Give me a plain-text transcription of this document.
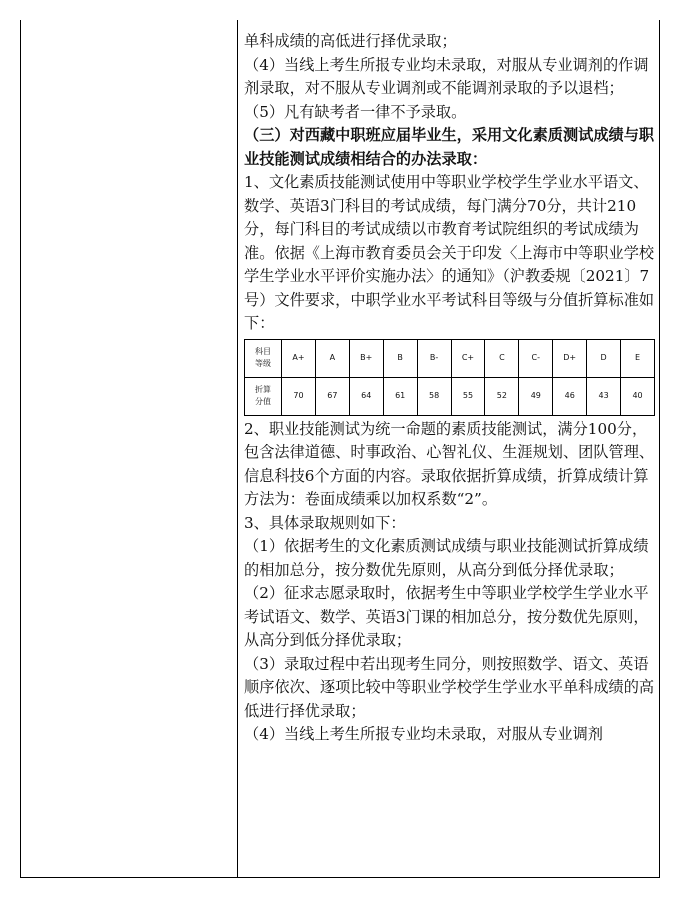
单科成绩的高低进行择优录取；

（4）当线上考生所报专业均未录取，对服从专业调剂的作调剂录取，对不服从专业调剂或不能调剂录取的予以退档；

（5）凡有缺考者一律不予录取。

（三）对西藏中职班应届毕业生，采用文化素质测试成绩与职业技能测试成绩相结合的办法录取：

1、文化素质技能测试使用中等职业学校学生学业水平语文、数学、英语3门科目的考试成绩，每门满分70分，共计210分，每门科目的考试成绩以市教育考试院组织的考试成绩为准。依据《上海市教育委员会关于印发〈上海市中等职业学校学生学业水平评价实施办法〉的通知》（沪教委规〔2021〕7号）文件要求，中职学业水平考试科目等级与分值折算标准如下：

科目
等级	A+	A	B+	B	B-	C+	C	C-	D+	D	E
折算
分值	70	67	64	61	58	55	52	49	46	43	40

2、职业技能测试为统一命题的素质技能测试，满分100分，包含法律道德、时事政治、心智礼仪、生涯规划、团队管理、信息科技6个方面的内容。录取依据折算成绩，折算成绩计算方法为：卷面成绩乘以加权系数“2”。

3、具体录取规则如下：

（1）依据考生的文化素质测试成绩与职业技能测试折算成绩的相加总分，按分数优先原则，从高分到低分择优录取；

（2）征求志愿录取时，依据考生中等职业学校学生学业水平考试语文、数学、英语3门课的相加总分，按分数优先原则，从高分到低分择优录取；

（3）录取过程中若出现考生同分，则按照数学、语文、英语顺序依次、逐项比较中等职业学校学生学业水平单科成绩的高低进行择优录取；

（4）当线上考生所报专业均未录取，对服从专业调剂
